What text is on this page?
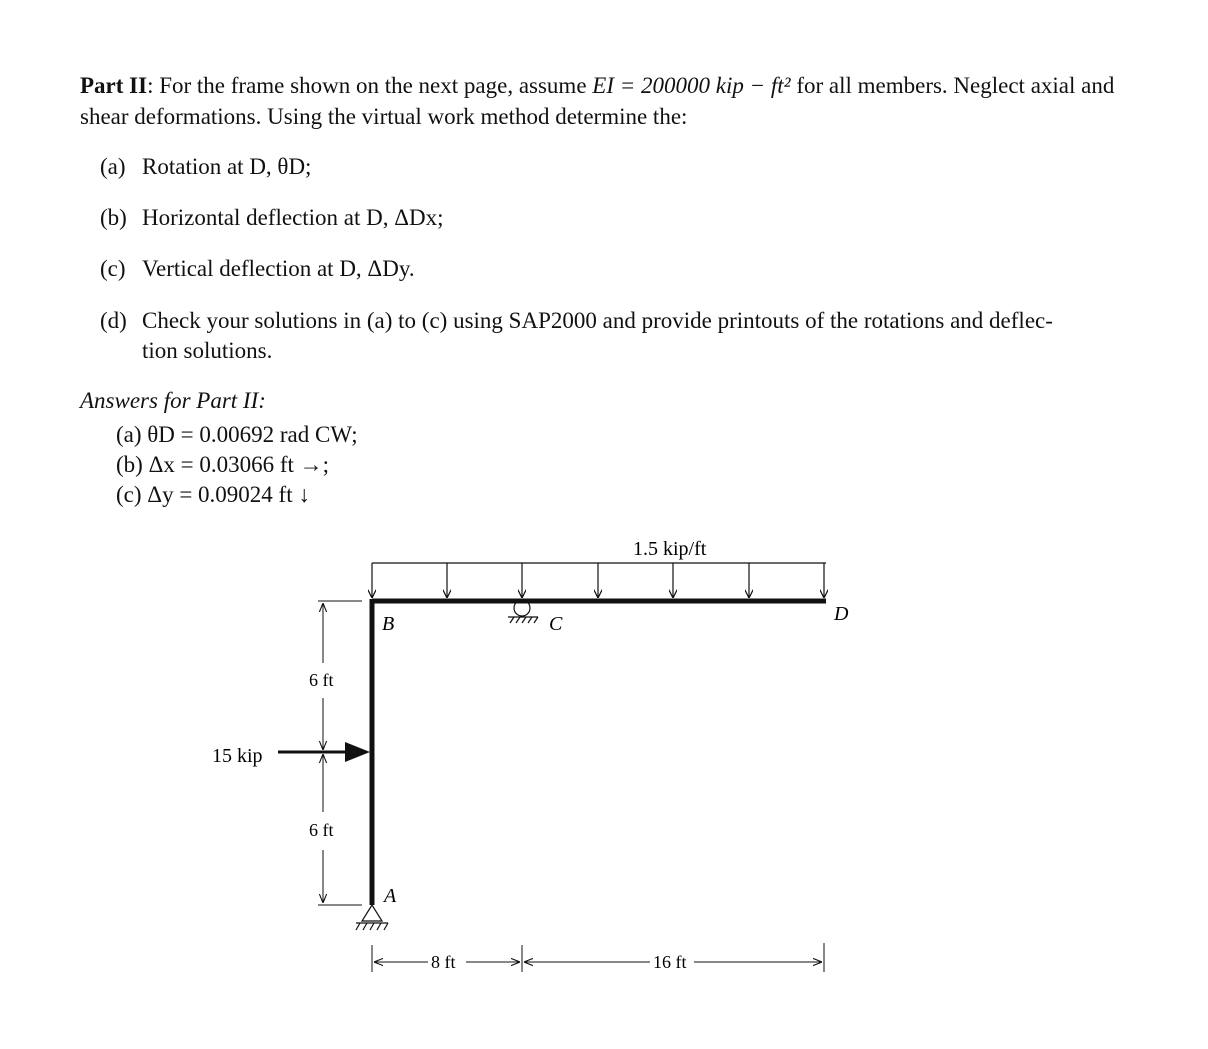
Part II: For the frame shown on the next page, assume EI = 200000 kip − ft² for all members. Neglect axial and shear deformations. Using the virtual work method determine the:
(a) Rotation at D, θD;
(b) Horizontal deflection at D, ΔDx;
(c) Vertical deflection at D, ΔDy.
(d) Check your solutions in (a) to (c) using SAP2000 and provide printouts of the rotations and deflec-
tion solutions.
Answers for Part II:
(a) θD = 0.00692 rad CW;
(b) Δx = 0.03066 ft →;
(c) Δy = 0.09024 ft ↓
1.5 kip/ft
B	C	D
A
15 kip
6 ft
6 ft
8 ft	16 ft
